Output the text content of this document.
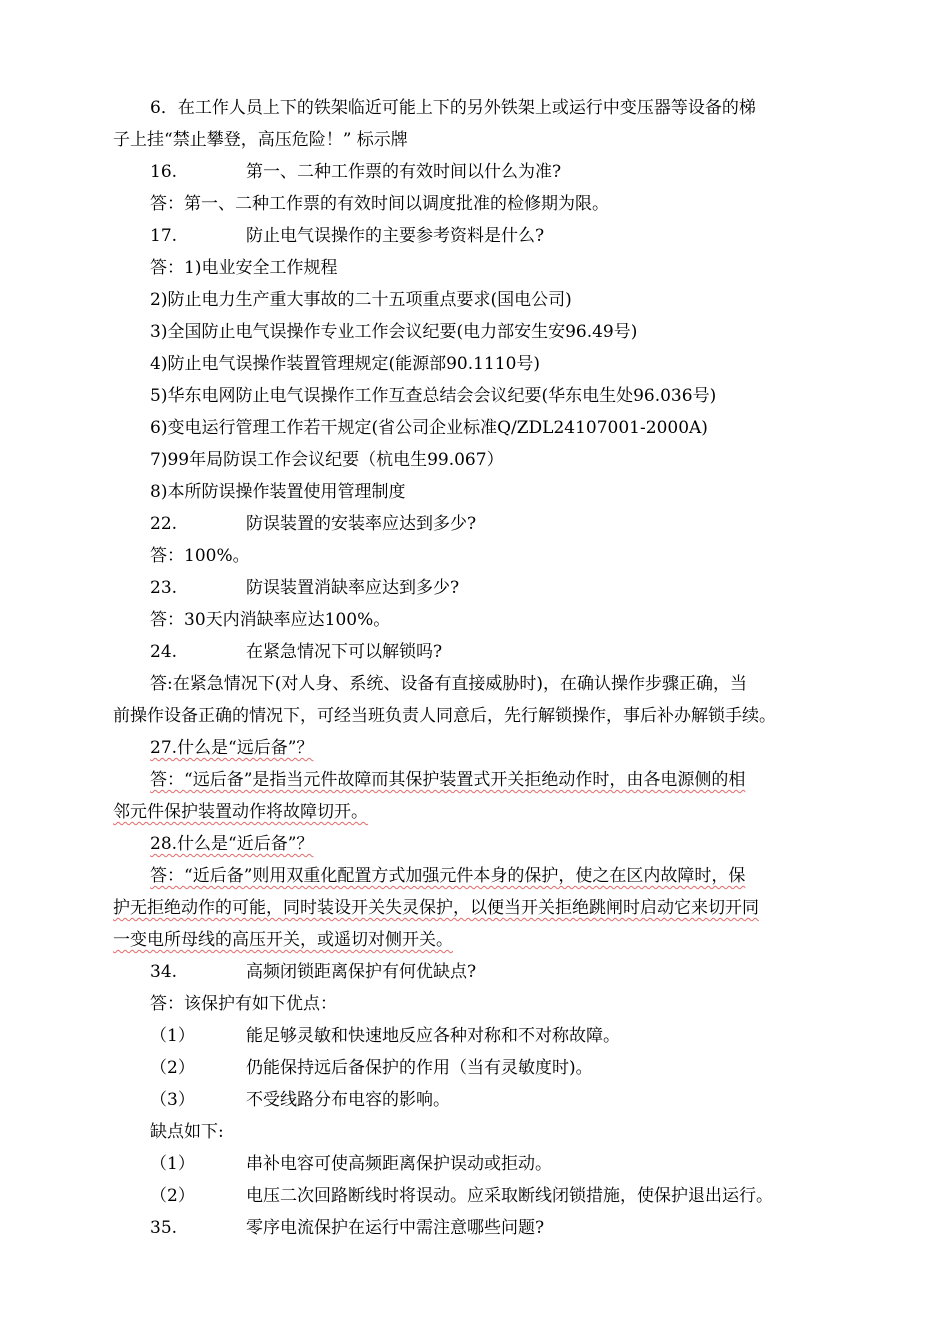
6．在工作人员上下的铁架临近可能上下的另外铁架上或运行中变压器等设备的梯
子上挂“禁止攀登，高压危险！” 标示牌
16.	第一、二种工作票的有效时间以什么为准?
答：第一、二种工作票的有效时间以调度批准的检修期为限。
17.	防止电气误操作的主要参考资料是什么?
答：1)电业安全工作规程
2)防止电力生产重大事故的二十五项重点要求(国电公司)
3)全国防止电气误操作专业工作会议纪要(电力部安生安96.49号)
4)防止电气误操作装置管理规定(能源部90.1110号)
5)华东电网防止电气误操作工作互查总结会会议纪要(华东电生处96.036号)
6)变电运行管理工作若干规定(省公司企业标准Q/ZDL24107001-2000A)
7)99年局防误工作会议纪要（杭电生99.067）
8)本所防误操作装置使用管理制度
22.	防误装置的安装率应达到多少?
答：100%。
23.	防误装置消缺率应达到多少?
答：30天内消缺率应达100%。
24.	在紧急情况下可以解锁吗?
答:在紧急情况下(对人身、系统、设备有直接威胁时)，在确认操作步骤正确，当
前操作设备正确的情况下，可经当班负责人同意后，先行解锁操作，事后补办解锁手续。
27.什么是“远后备”？
答：“远后备”是指当元件故障而其保护装置式开关拒绝动作时，由各电源侧的相
邻元件保护装置动作将故障切开。
28.什么是“近后备”？
答：“近后备”则用双重化配置方式加强元件本身的保护，使之在区内故障时，保
护无拒绝动作的可能，同时装设开关失灵保护，以便当开关拒绝跳闸时启动它来切开同
一变电所母线的高压开关，或遥切对侧开关。
34.	高频闭锁距离保护有何优缺点?
答：该保护有如下优点：
（1）	能足够灵敏和快速地反应各种对称和不对称故障。
（2）	仍能保持远后备保护的作用（当有灵敏度时)。
（3）	不受线路分布电容的影响。
缺点如下:
（1）	串补电容可使高频距离保护误动或拒动。
（2）	电压二次回路断线时将误动。应采取断线闭锁措施，使保护退出运行。
35.	零序电流保护在运行中需注意哪些问题?
